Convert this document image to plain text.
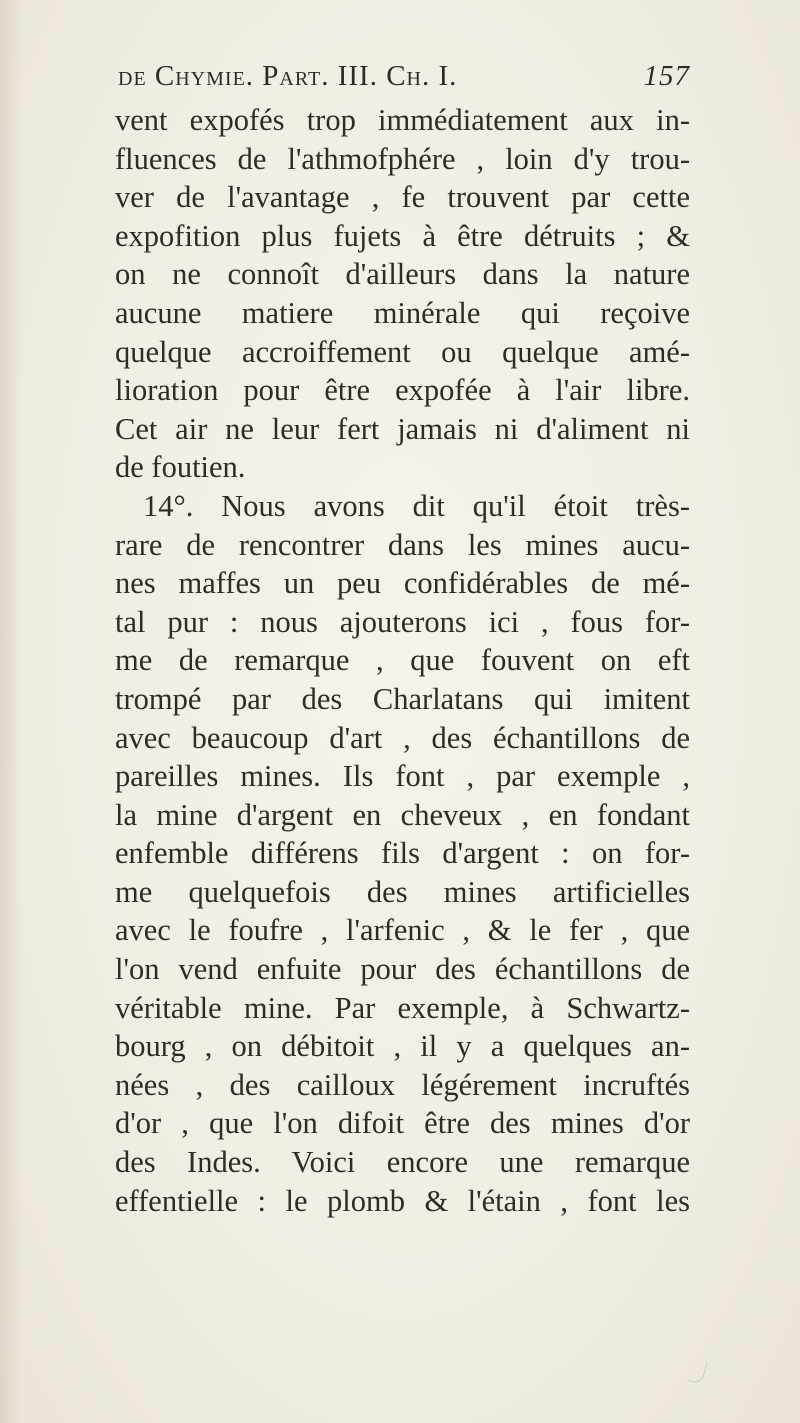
de Chymie. Part. III. Ch. I.	157
vent expofés trop immédiatement aux in-
fluences de l'athmofphére , loin d'y trou-
ver de l'avantage , fe trouvent par cette
expofition plus fujets à être détruits ; &
on ne connoît d'ailleurs dans la nature
aucune matiere minérale qui reçoive
quelque accroiffement ou quelque amé-
lioration pour être expofée à l'air libre.
Cet air ne leur fert jamais ni d'aliment ni
de foutien.
14°. Nous avons dit qu'il étoit très-
rare de rencontrer dans les mines aucu-
nes maffes un peu confidérables de mé-
tal pur : nous ajouterons ici , fous for-
me de remarque , que fouvent on eft
trompé par des Charlatans qui imitent
avec beaucoup d'art , des échantillons de
pareilles mines. Ils font , par exemple ,
la mine d'argent en cheveux , en fondant
enfemble différens fils d'argent : on for-
me quelquefois des mines artificielles
avec le foufre , l'arfenic , & le fer , que
l'on vend enfuite pour des échantillons de
véritable mine. Par exemple, à Schwartz-
bourg , on débitoit , il y a quelques an-
nées , des cailloux légérement incruftés
d'or , que l'on difoit être des mines d'or
des Indes. Voici encore une remarque
effentielle : le plomb & l'étain , font les
